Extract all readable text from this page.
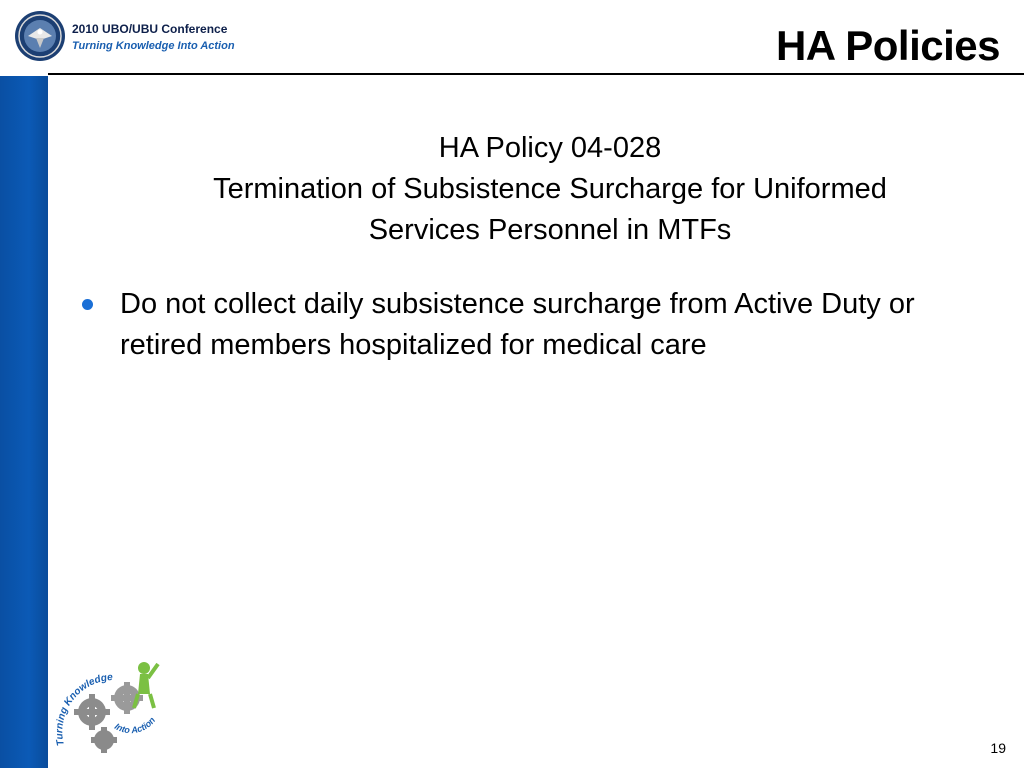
2010 UBO/UBU Conference
Turning Knowledge Into Action	HA Policies
HA Policy 04-028
Termination of Subsistence Surcharge for Uniformed Services Personnel in MTFs
Do not collect daily subsistence surcharge from Active Duty or retired members hospitalized for medical care
Turning Knowledge
Into Action
19
